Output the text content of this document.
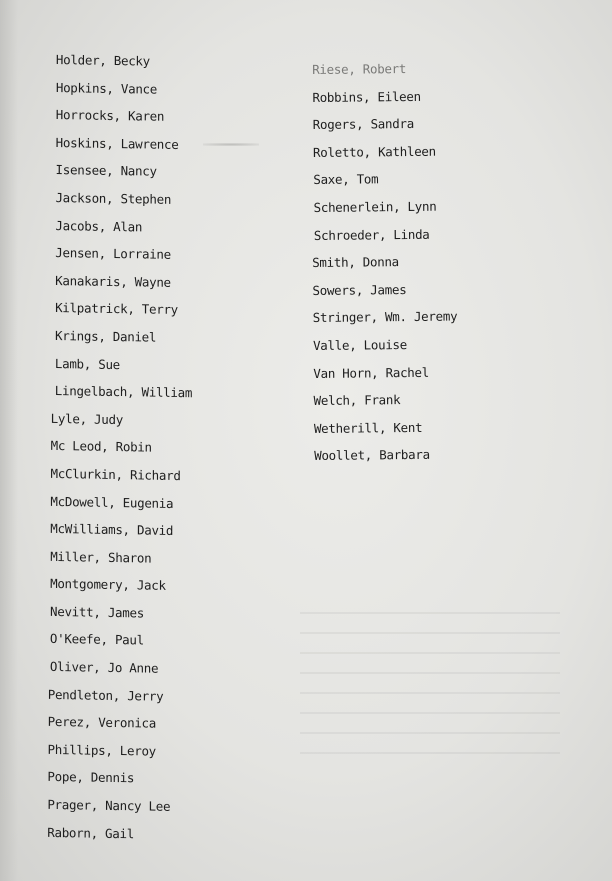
​
Holder, Becky
Hopkins, Vance
Horrocks, Karen
Hoskins, Lawrence
Isensee, Nancy
Jackson, Stephen
Jacobs, Alan
Jensen, Lorraine
Kanakaris, Wayne
Kilpatrick, Terry
Krings, Daniel
Lamb, Sue
Lingelbach, William
Lyle, Judy
Mc Leod, Robin
McClurkin, Richard
McDowell, Eugenia
McWilliams, David
Miller, Sharon
Montgomery, Jack
Nevitt, James
O'Keefe, Paul
Oliver, Jo Anne
Pendleton, Jerry
Perez, Veronica
Phillips, Leroy
Pope, Dennis
Prager, Nancy Lee
Raborn, Gail
Riese, Robert
Robbins, Eileen
Rogers, Sandra
Roletto, Kathleen
Saxe, Tom
Schenerlein, Lynn
Schroeder, Linda
Smith, Donna
Sowers, James
Stringer, Wm. Jeremy
Valle, Louise
Van Horn, Rachel
Welch, Frank
Wetherill, Kent
Woollet, Barbara
